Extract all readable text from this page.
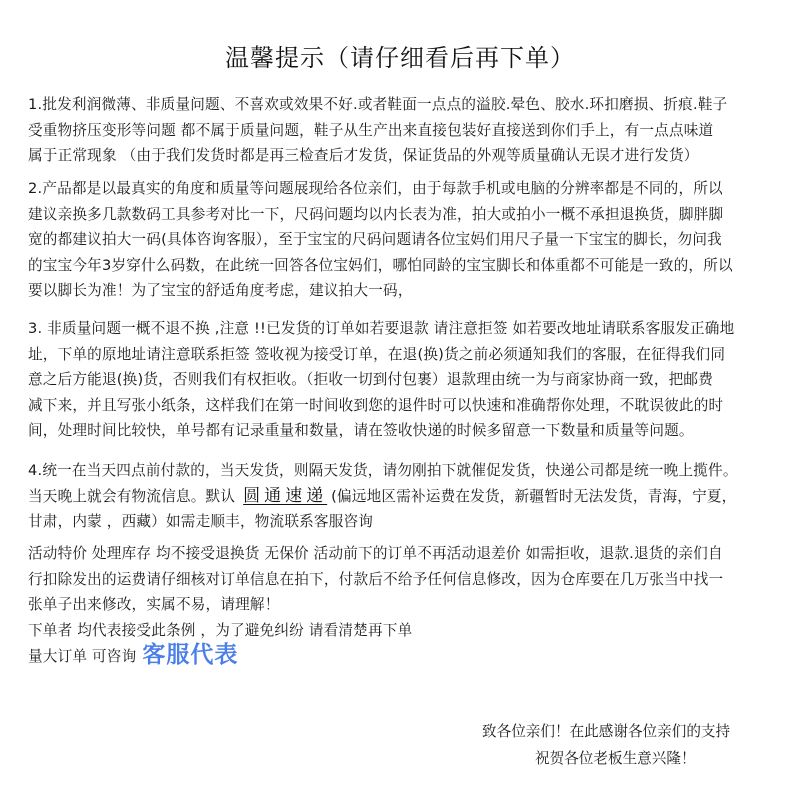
温馨提示（请仔细看后再下单）
1.批发利润微薄、非质量问题、不喜欢或效果不好.或者鞋面一点点的溢胶.晕色、胶水.环扣磨损、折痕.鞋子
受重物挤压变形等问题 都不属于质量问题，鞋子从生产出来直接包装好直接送到你们手上，有一点点味道
属于正常现象 （由于我们发货时都是再三检查后才发货，保证货品的外观等质量确认无误才进行发货）
2.产品都是以最真实的角度和质量等问题展现给各位亲们，由于每款手机或电脑的分辨率都是不同的，所以
建议亲换多几款数码工具参考对比一下，尺码问题均以内长表为准，拍大或拍小一概不承担退换货，脚胖脚
宽的都建议拍大一码(具体咨询客服），至于宝宝的尺码问题请各位宝妈们用尺子量一下宝宝的脚长，勿问我
的宝宝今年3岁穿什么码数，在此统一回答各位宝妈们，哪怕同龄的宝宝脚长和体重都不可能是一致的，所以
要以脚长为准！为了宝宝的舒适角度考虑，建议拍大一码，
3. 非质量问题一概不退不换 ,注意 !!已发货的订单如若要退款 请注意拒签 如若要改地址请联系客服发正确地
址，下单的原地址请注意联系拒签 签收视为接受订单，在退(换)货之前必须通知我们的客服，在征得我们同
意之后方能退(换)货，否则我们有权拒收。（拒收一切到付包裹）退款理由统一为与商家协商一致，把邮费
减下来，并且写张小纸条，这样我们在第一时间收到您的退件时可以快速和准确帮你处理，不耽误彼此的时
间，处理时间比较快，单号都有记录重量和数量，请在签收快递的时候多留意一下数量和质量等问题。
4.统一在当天四点前付款的，当天发货，则隔天发货，请勿刚拍下就催促发货，快递公司都是统一晚上揽件。
当天晚上就会有物流信息。默认 圆通速递 (偏远地区需补运费在发货，新疆暂时无法发货，青海，宁夏，
甘肃，内蒙 ，西藏）如需走顺丰，物流联系客服咨询
活动特价 处理库存 均不接受退换货 无保价 活动前下的订单不再活动退差价 如需拒收，退款.退货的亲们自
行扣除发出的运费请仔细核对订单信息在拍下，付款后不给予任何信息修改，因为仓库要在几万张当中找一
张单子出来修改，实属不易，请理解！
下单者 均代表接受此条例 ，为了避免纠纷 请看清楚再下单
量大订单 可咨询 客服代表
致各位亲们！在此感谢各位亲们的支持
祝贺各位老板生意兴隆！
